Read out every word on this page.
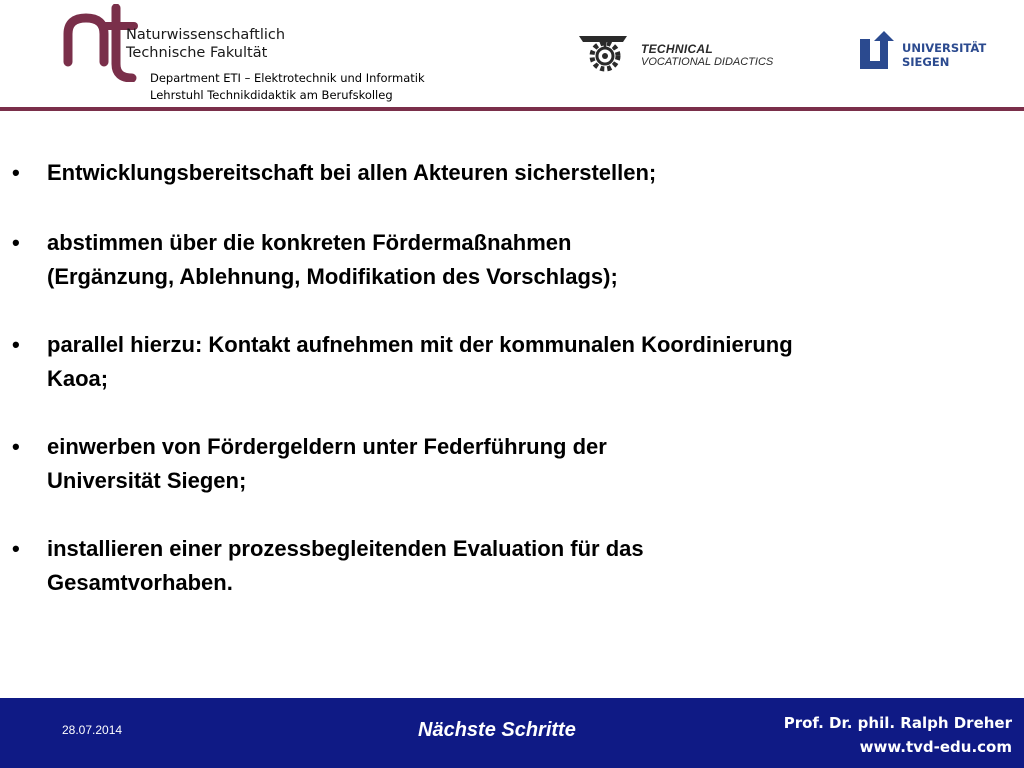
Naturwissenschaftlich
Technische Fakultät
Department ETI – Elektrotechnik und Informatik
Lehrstuhl Technikdidaktik am Berufskolleg
TECHNICAL
VOCATIONAL DIDACTICS
UNIVERSITÄT
SIEGEN
• Entwicklungsbereitschaft bei allen Akteuren sicherstellen;

• abstimmen über die konkreten Fördermaßnahmen
(Ergänzung, Ablehnung, Modifikation des Vorschlags);

• parallel hierzu: Kontakt aufnehmen mit der kommunalen Koordinierung
Kaoa;

• einwerben von Fördergeldern unter Federführung der
Universität Siegen;

• installieren einer prozessbegleitenden Evaluation für das
Gesamtvorhaben.

28.07.2014	Nächste Schritte	Prof. Dr. phil. Ralph Dreher
www.tvd-edu.com
